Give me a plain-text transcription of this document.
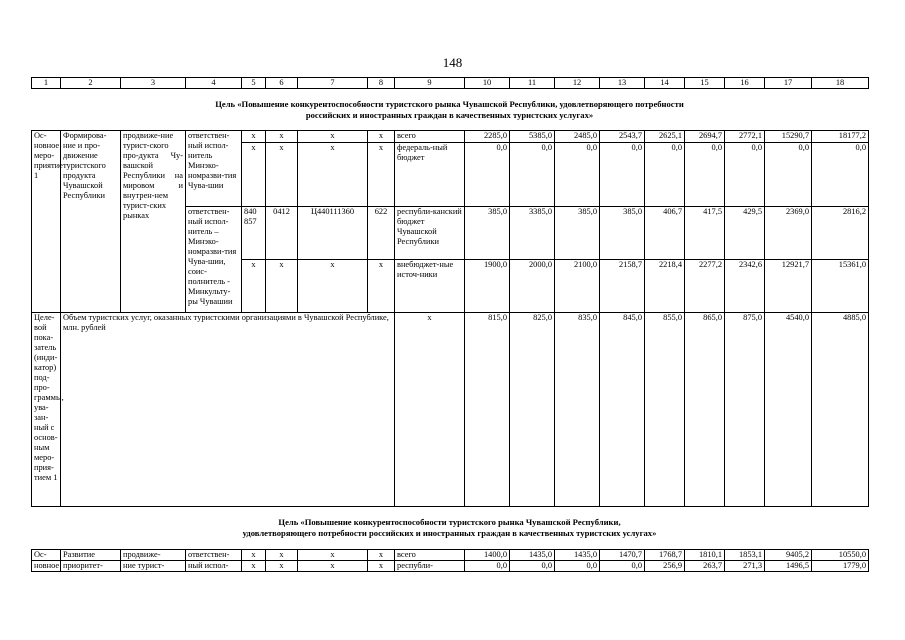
148
1	2	3	4	5	6	7	8	9	10	11	12	13	14	15	16	17	18
Цель «Повышение конкурентоспособности туристского рынка Чувашской Республики, удовлетворяющего потребности
российских и иностранных граждан в качественных туристских услугах»
Ос-новное меро-приятие 1	Формирова-ние и про-движение туристского продукта Чувашской Республики	продвиже-ние турист-ского про-дукта Чу-вашской Республики на мировом и внутрен-нем турист-ских рынках	ответствен-ный испол-нитель Минэко-номразви-тия Чува-шии	x	x	x	x	всего	2285,0	5385,0	2485,0	2543,7	2625,1	2694,7	2772,1	15290,7	18177,2
				x	x	x	x	федераль-ный бюджет	0,0	0,0	0,0	0,0	0,0	0,0	0,0	0,0	0,0
			ответствен-ный испол-нитель – Минэко-номразви-тия Чува-шии, соис-полнитель - Минкульту-ры Чувашии	840 857	0412	Ц440111360	622	республи-канский бюджет Чувашской Республики	385,0	3385,0	385,0	385,0	406,7	417,5	429,5	2369,0	2816,2
				x	x	x	x	внебюджет-ные источ-ники	1900,0	2000,0	2100,0	2158,7	2218,4	2277,2	2342,6	12921,7	15361,0
Целе-вой пока-затель (инди-катор) под-про-граммы, ува-зан-ный с основ-ным меро-прия-тием 1	Объем туристских услуг, оказанных туристскими организациями в Чувашской Республике, млн. рублей							x	815,0	825,0	835,0	845,0	855,0	865,0	875,0	4540,0	4885,0
Цель «Повышение конкурентоспособности туристского рынка Чувашской Республики,
удовлетворяющего потребности российских и иностранных граждан в качественных туристских услугах»
Ос-	Развитие	продвиже-	ответствен-	x	x	x	x	всего	1400,0	1435,0	1435,0	1470,7	1768,7	1810,1	1853,1	9405,2	10550,0
новное	приоритет-	ние турист-	ный испол-	x	x	x	x	республи-	0,0	0,0	0,0	0,0	256,9	263,7	271,3	1496,5	1779,0
